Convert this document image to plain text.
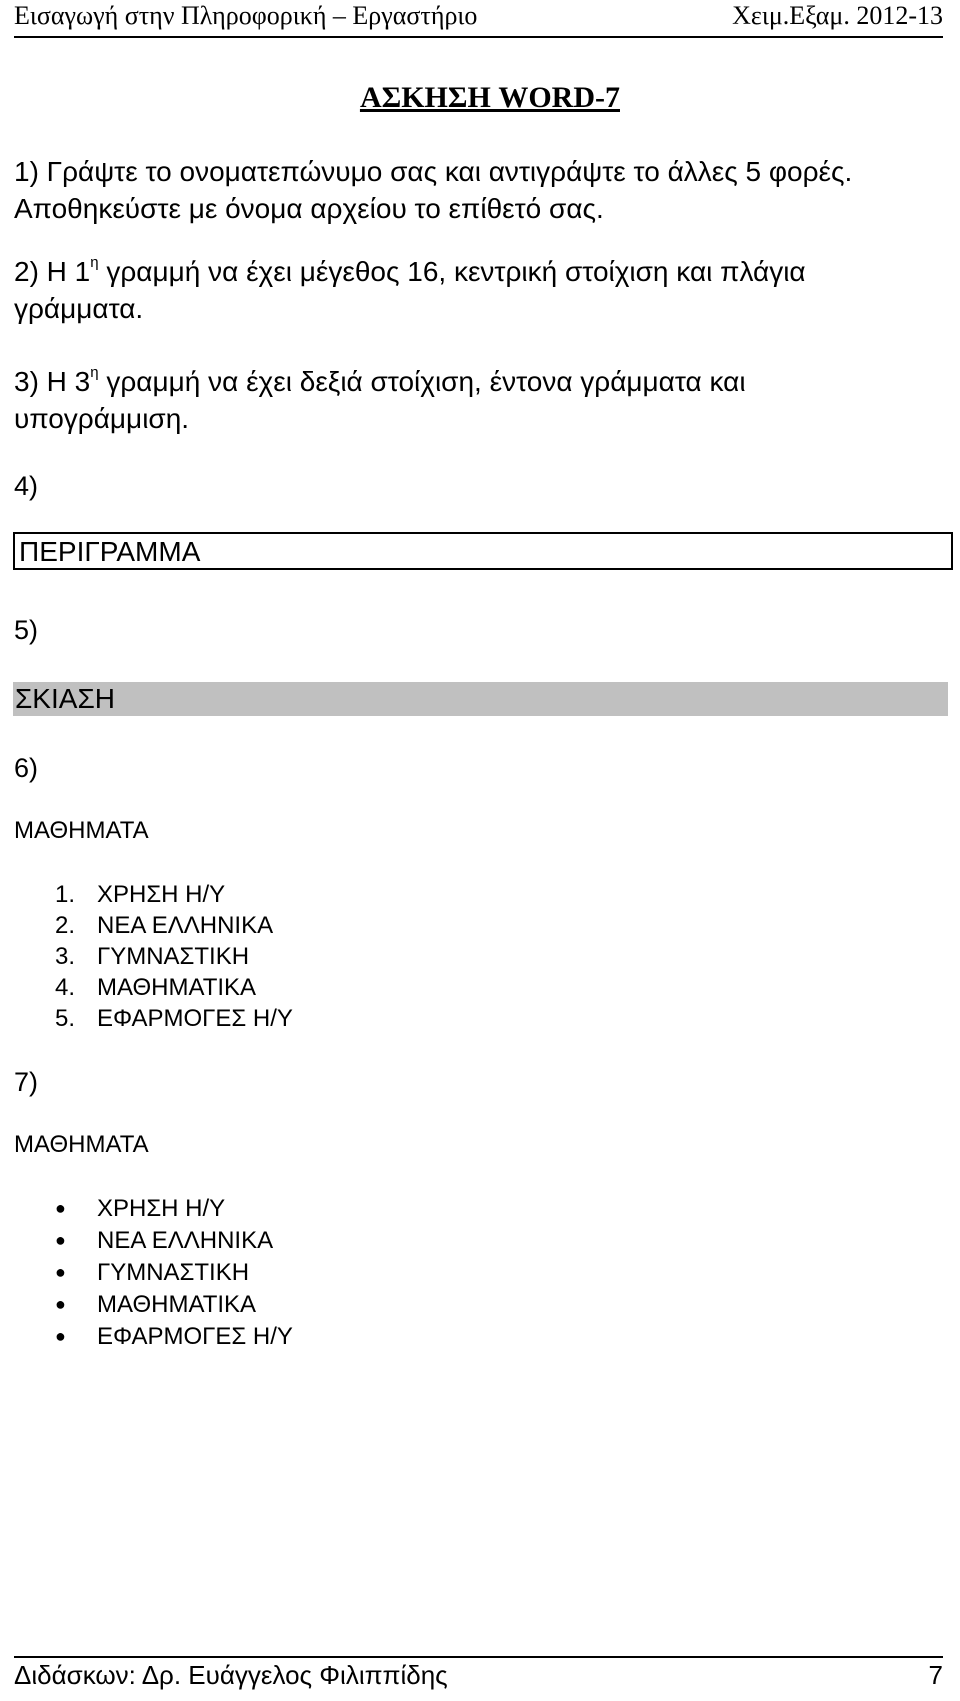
Εισαγωγή στην Πληροφορική – Εργαστήριο	Χειμ.Εξαμ. 2012-13
ΑΣΚΗΣΗ WORD-7
1) Γράψτε το ονοματεπώνυμο σας και αντιγράψτε το άλλες 5 φορές.
Αποθηκεύστε με όνομα αρχείου το επίθετό σας.
2) Η $1^\eta$ γραμμή να έχει μέγεθος 16, κεντρική στοίχιση και πλάγια
γράμματα.
3) Η $3^\eta$ γραμμή να έχει δεξιά στοίχιση, έντονα γράμματα και
υπογράμμιση.
4)
ΠΕΡΙΓΡΑΜΜΑ
5)
ΣΚΙΑΣΗ
6)
ΜΑΘΗΜΑΤΑ
1. ΧΡΗΣΗ Η/Υ
2. ΝΕΑ ΕΛΛΗΝΙΚΑ
3. ΓΥΜΝΑΣΤΙΚΗ
4. ΜΑΘΗΜΑΤΙΚΑ
5. ΕΦΑΡΜΟΓΕΣ Η/Υ
7)
ΜΑΘΗΜΑΤΑ
● ΧΡΗΣΗ Η/Υ
● ΝΕΑ ΕΛΛΗΝΙΚΑ
● ΓΥΜΝΑΣΤΙΚΗ
● ΜΑΘΗΜΑΤΙΚΑ
● ΕΦΑΡΜΟΓΕΣ Η/Υ
Διδάσκων: Δρ. Ευάγγελος Φιλιππίδης	7
